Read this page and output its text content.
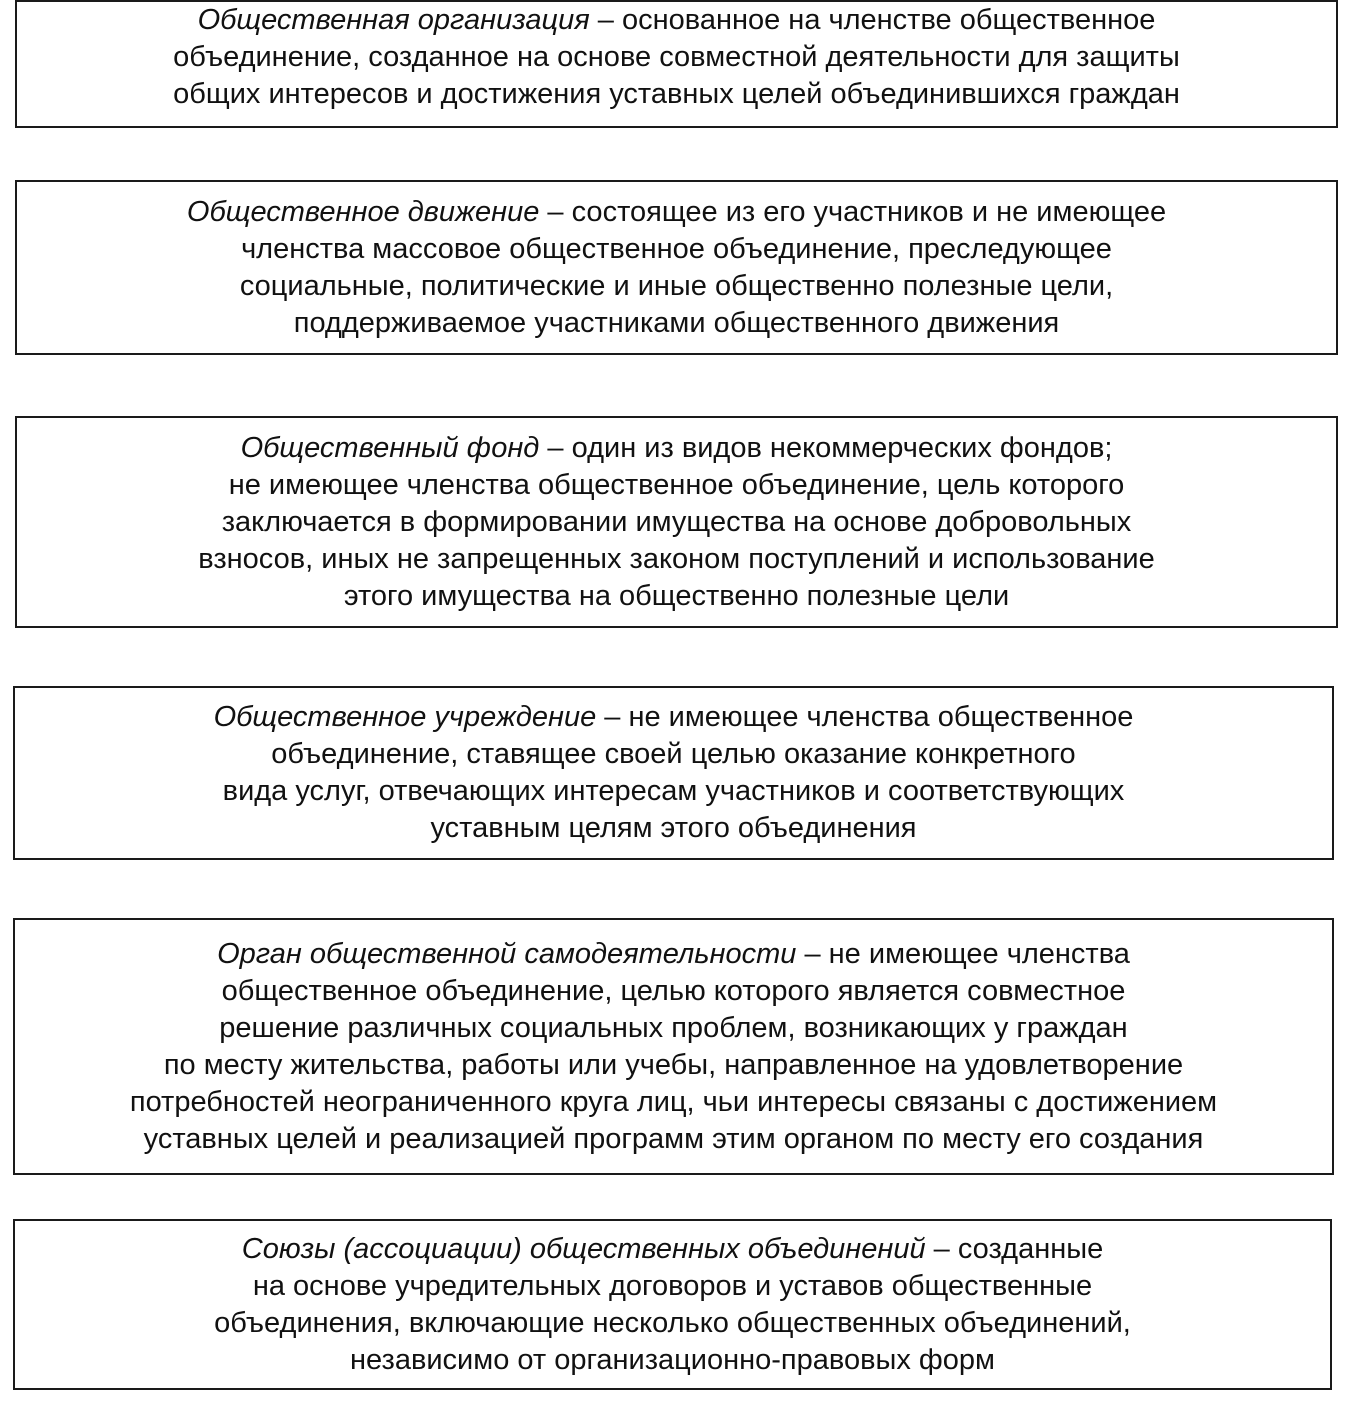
Общественная организация – основанное на членстве общественное
объединение, созданное на основе совместной деятельности для защиты
общих интересов и достижения уставных целей объединившихся граждан
Общественное движение – состоящее из его участников и не имеющее
членства массовое общественное объединение, преследующее
социальные, политические и иные общественно полезные цели,
поддерживаемое участниками общественного движения
Общественный фонд – один из видов некоммерческих фондов;
не имеющее членства общественное объединение, цель которого
заключается в формировании имущества на основе добровольных
взносов, иных не запрещенных законом поступлений и использование
этого имущества на общественно полезные цели
Общественное учреждение – не имеющее членства общественное
объединение, ставящее своей целью оказание конкретного
вида услуг, отвечающих интересам участников и соответствующих
уставным целям этого объединения
Орган общественной самодеятельности – не имеющее членства
общественное объединение, целью которого является совместное
решение различных социальных проблем, возникающих у граждан
по месту жительства, работы или учебы, направленное на удовлетворение
потребностей неограниченного круга лиц, чьи интересы связаны с достижением
уставных целей и реализацией программ этим органом по месту его создания
Союзы (ассоциации) общественных объединений – созданные
на основе учредительных договоров и уставов общественные
объединения, включающие несколько общественных объединений,
независимо от организационно-правовых форм
